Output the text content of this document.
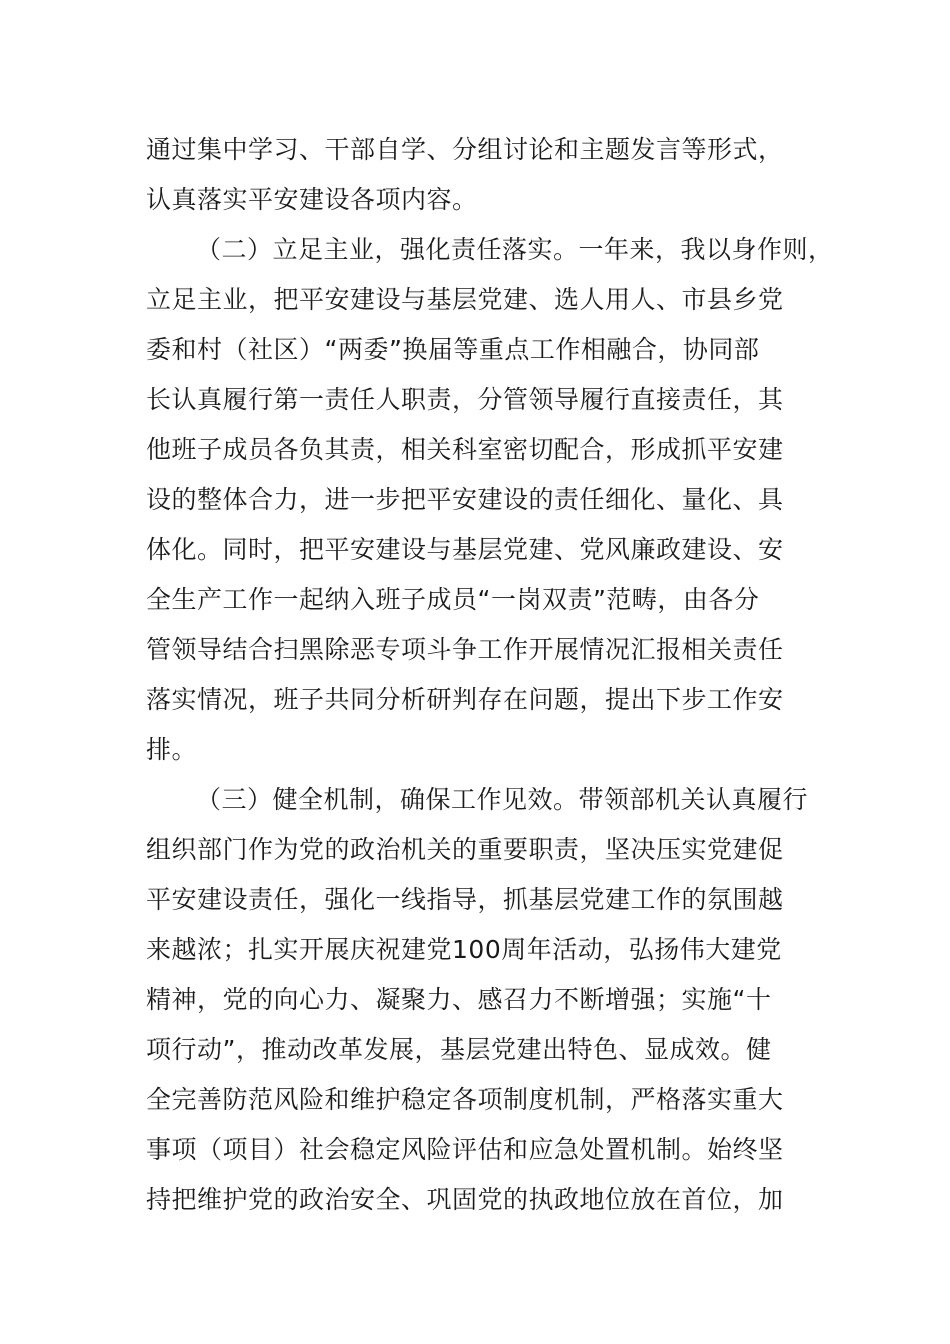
通过集中学习、干部自学、分组讨论和主题发言等形式，
认真落实平安建设各项内容。
（二）立足主业，强化责任落实。一年来，我以身作则，
立足主业，把平安建设与基层党建、选人用人、市县乡党
委和村（社区）“两委”换届等重点工作相融合，协同部
长认真履行第一责任人职责，分管领导履行直接责任，其
他班子成员各负其责，相关科室密切配合，形成抓平安建
设的整体合力，进一步把平安建设的责任细化、量化、具
体化。同时，把平安建设与基层党建、党风廉政建设、安
全生产工作一起纳入班子成员“一岗双责”范畴，由各分
管领导结合扫黑除恶专项斗争工作开展情况汇报相关责任
落实情况，班子共同分析研判存在问题，提出下步工作安
排。
（三）健全机制，确保工作见效。带领部机关认真履行
组织部门作为党的政治机关的重要职责，坚决压实党建促
平安建设责任，强化一线指导，抓基层党建工作的氛围越
来越浓；扎实开展庆祝建党100周年活动，弘扬伟大建党
精神，党的向心力、凝聚力、感召力不断增强；实施“十
项行动”，推动改革发展，基层党建出特色、显成效。健
全完善防范风险和维护稳定各项制度机制，严格落实重大
事项（项目）社会稳定风险评估和应急处置机制。始终坚
持把维护党的政治安全、巩固党的执政地位放在首位，加
